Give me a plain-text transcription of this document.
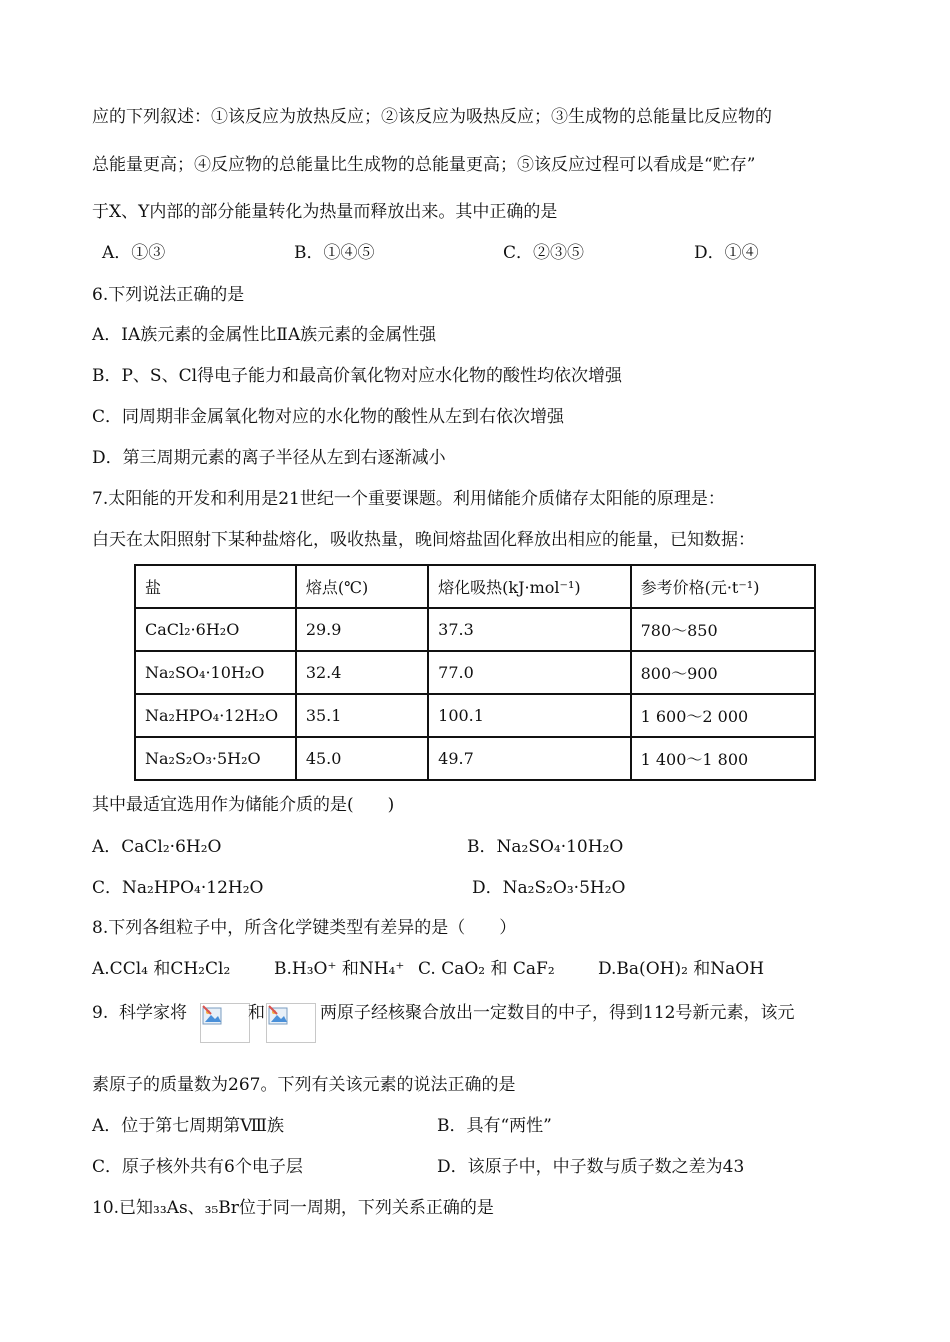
应的下列叙述：①该反应为放热反应；②该反应为吸热反应；③生成物的总能量比反应物的
总能量更高；④反应物的总能量比生成物的总能量更高；⑤该反应过程可以看成是“贮存”
于X、Y内部的部分能量转化为热量而释放出来。其中正确的是
A．①③	B．①④⑤	C．②③⑤	D．①④
6.下列说法正确的是
A．ⅠA族元素的金属性比ⅡA族元素的金属性强
B．P、S、Cl得电子能力和最高价氧化物对应水化物的酸性均依次增强
C．同周期非金属氧化物对应的水化物的酸性从左到右依次增强
D．第三周期元素的离子半径从左到右逐渐减小
7.太阳能的开发和利用是21世纪一个重要课题。利用储能介质储存太阳能的原理是：
白天在太阳照射下某种盐熔化，吸收热量，晚间熔盐固化释放出相应的能量，已知数据：
盐	熔点(℃)	熔化吸热(kJ·mol⁻¹)	参考价格(元·t⁻¹)
CaCl₂·6H₂O	29.9	37.3	780～850
Na₂SO₄·10H₂O	32.4	77.0	800～900
Na₂HPO₄·12H₂O	35.1	100.1	1 600～2 000
Na₂S₂O₃·5H₂O	45.0	49.7	1 400～1 800
其中最适宜选用作为储能介质的是(　　)
A．CaCl₂·6H₂O	B．Na₂SO₄·10H₂O
C．Na₂HPO₄·12H₂O	D．Na₂S₂O₃·5H₂O
8.下列各组粒子中，所含化学键类型有差异的是（　　）
A.CCl₄ 和CH₂Cl₂	B.H₃O⁺ 和NH₄⁺ C. CaO₂ 和 CaF₂	D.Ba(OH)₂ 和NaOH
9.  科学家将	和	两原子经核聚合放出一定数目的中子，得到112号新元素，该元
素原子的质量数为267。下列有关该元素的说法正确的是
A．位于第七周期第Ⅷ族	B．具有“两性”
C．原子核外共有6个电子层	D．该原子中，中子数与质子数之差为43
10.已知₃₃As、₃₅Br位于同一周期，下列关系正确的是
